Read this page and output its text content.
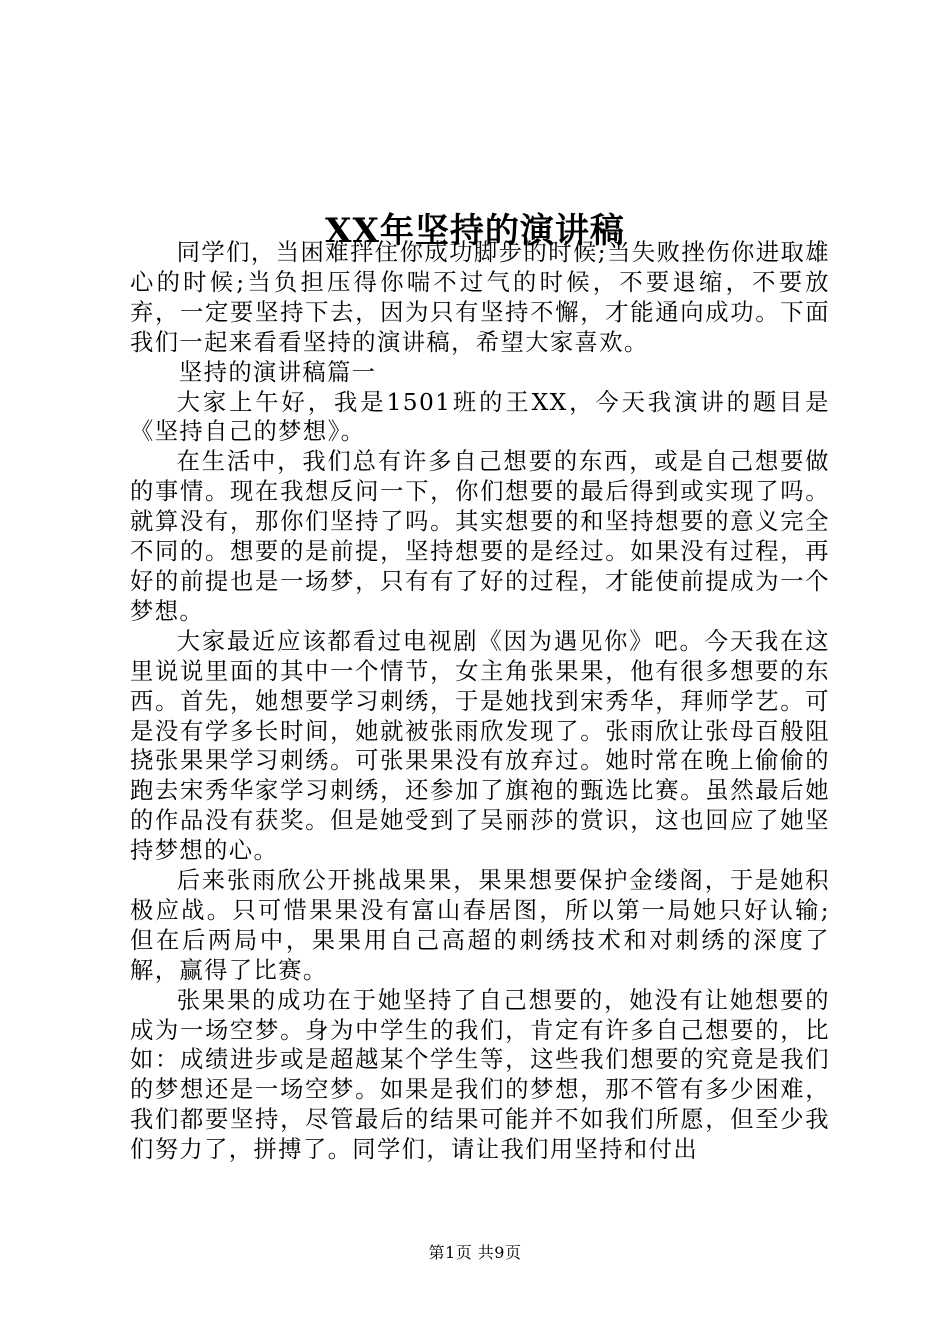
XX年坚持的演讲稿

同学们，当困难拌住你成功脚步的时候;当失败挫伤你进取雄心的时候;当负担压得你喘不过气的时候，不要退缩，不要放弃，一定要坚持下去，因为只有坚持不懈，才能通向成功。下面我们一起来看看坚持的演讲稿，希望大家喜欢。

坚持的演讲稿篇一

大家上午好，我是1501班的王XX，今天我演讲的题目是《坚持自己的梦想》。

在生活中，我们总有许多自己想要的东西，或是自己想要做的事情。现在我想反问一下，你们想要的最后得到或实现了吗。就算没有，那你们坚持了吗。其实想要的和坚持想要的意义完全不同的。想要的是前提，坚持想要的是经过。如果没有过程，再好的前提也是一场梦，只有有了好的过程，才能使前提成为一个梦想。

大家最近应该都看过电视剧《因为遇见你》吧。今天我在这里说说里面的其中一个情节，女主角张果果，他有很多想要的东西。首先，她想要学习刺绣，于是她找到宋秀华，拜师学艺。可是没有学多长时间，她就被张雨欣发现了。张雨欣让张母百般阻挠张果果学习刺绣。可张果果没有放弃过。她时常在晚上偷偷的跑去宋秀华家学习刺绣，还参加了旗袍的甄选比赛。虽然最后她的作品没有获奖。但是她受到了吴丽莎的赏识，这也回应了她坚持梦想的心。

后来张雨欣公开挑战果果，果果想要保护金缕阁，于是她积极应战。只可惜果果没有富山春居图，所以第一局她只好认输;但在后两局中，果果用自己高超的刺绣技术和对刺绣的深度了解，赢得了比赛。

张果果的成功在于她坚持了自己想要的，她没有让她想要的成为一场空梦。身为中学生的我们，肯定有许多自己想要的，比如：成绩进步或是超越某个学生等，这些我们想要的究竟是我们的梦想还是一场空梦。如果是我们的梦想，那不管有多少困难，我们都要坚持，尽管最后的结果可能并不如我们所愿，但至少我们努力了，拼搏了。同学们，请让我们用坚持和付出

第1页 共9页
